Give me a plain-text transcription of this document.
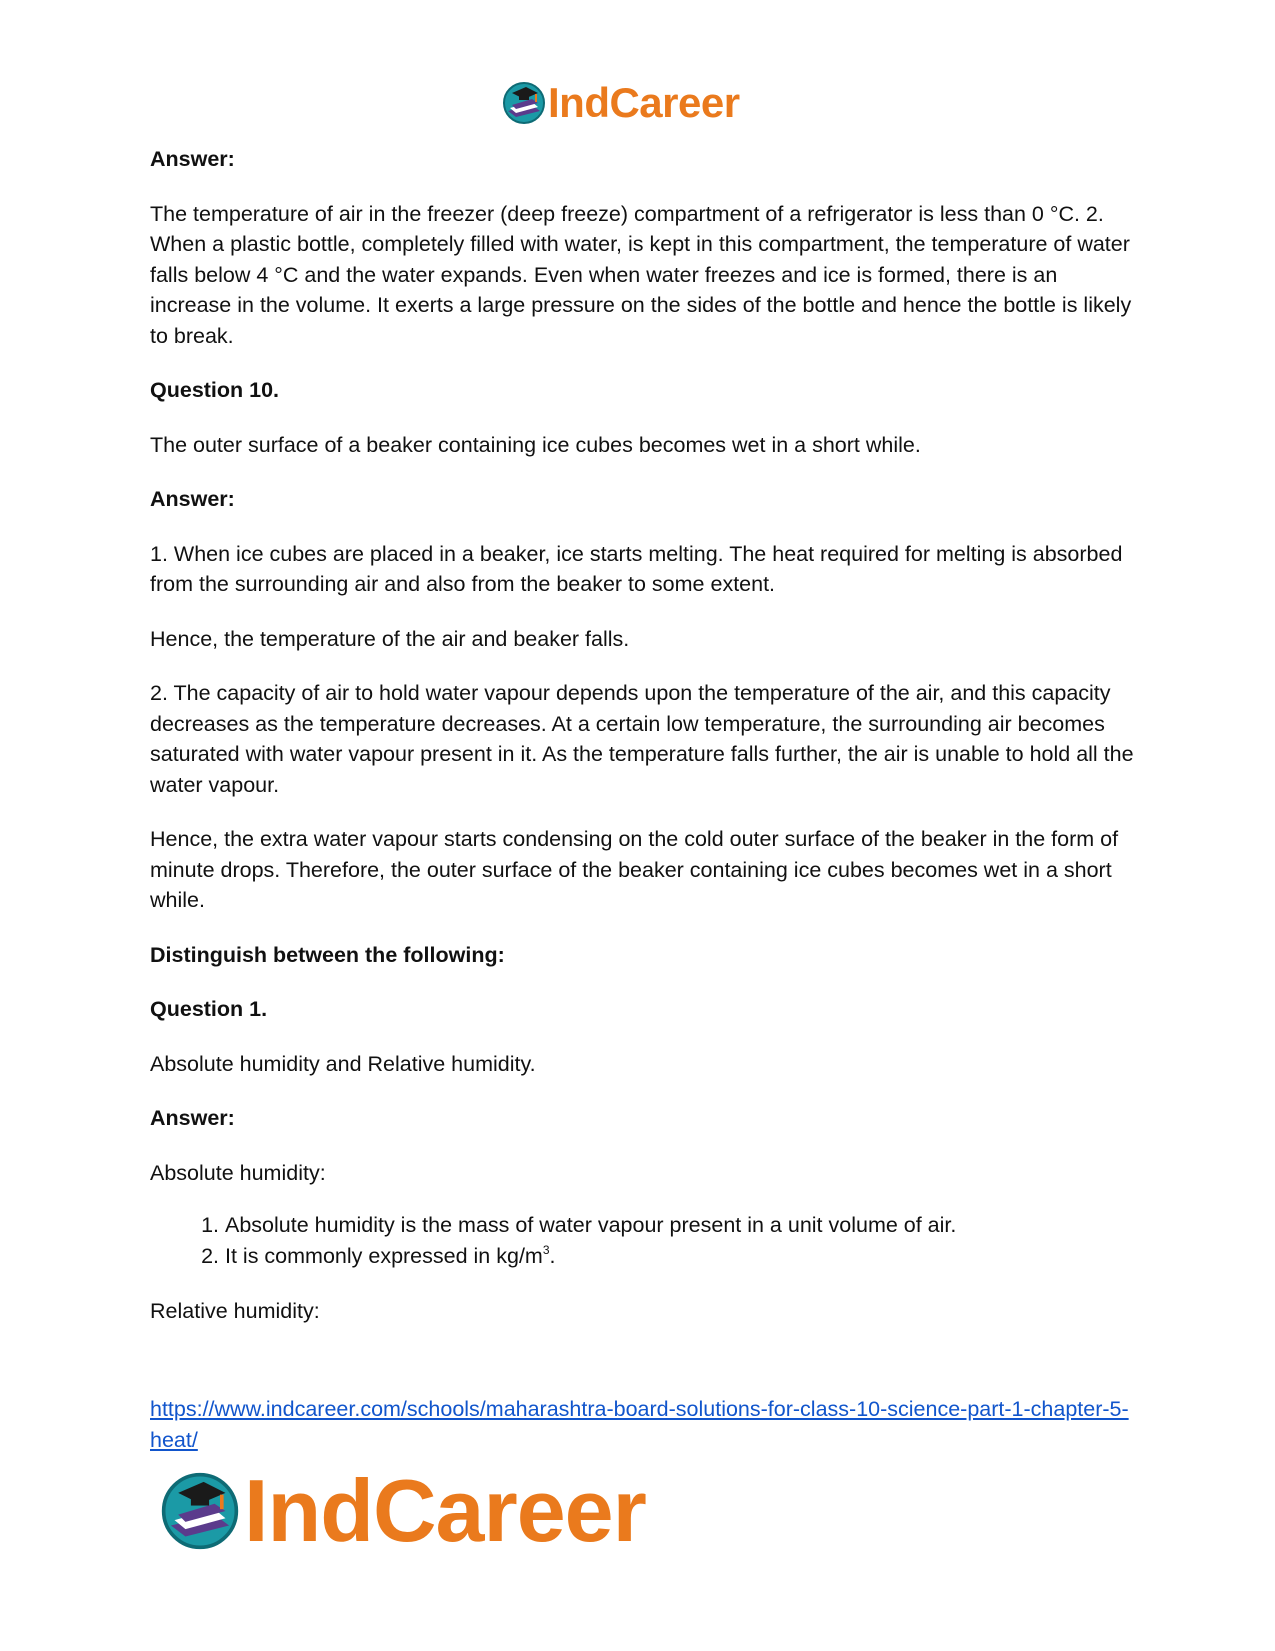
IndCareer

Answer:

The temperature of air in the freezer (deep freeze) compartment of a refrigerator is less than 0 °C. 2. When a plastic bottle, completely filled with water, is kept in this compartment, the temperature of water falls below 4 °C and the water expands. Even when water freezes and ice is formed, there is an increase in the volume. It exerts a large pressure on the sides of the bottle and hence the bottle is likely to break.

Question 10.

The outer surface of a beaker containing ice cubes becomes wet in a short while.

Answer:

1. When ice cubes are placed in a beaker, ice starts melting. The heat required for melting is absorbed from the surrounding air and also from the beaker to some extent.

Hence, the temperature of the air and beaker falls.

2. The capacity of air to hold water vapour depends upon the temperature of the air, and this capacity decreases as the temperature decreases. At a certain low temperature, the surrounding air becomes saturated with water vapour present in it. As the temperature falls further, the air is unable to hold all the water vapour.

Hence, the extra water vapour starts condensing on the cold outer surface of the beaker in the form of minute drops. Therefore, the outer surface of the beaker containing ice cubes becomes wet in a short while.

Distinguish between the following:

Question 1.

Absolute humidity and Relative humidity.

Answer:

Absolute humidity:

1. Absolute humidity is the mass of water vapour present in a unit volume of air.
2. It is commonly expressed in $kg/m^3$.

Relative humidity:

https://www.indcareer.com/schools/maharashtra-board-solutions-for-class-10-science-part-1-chapter-5-heat/
IndCareer
